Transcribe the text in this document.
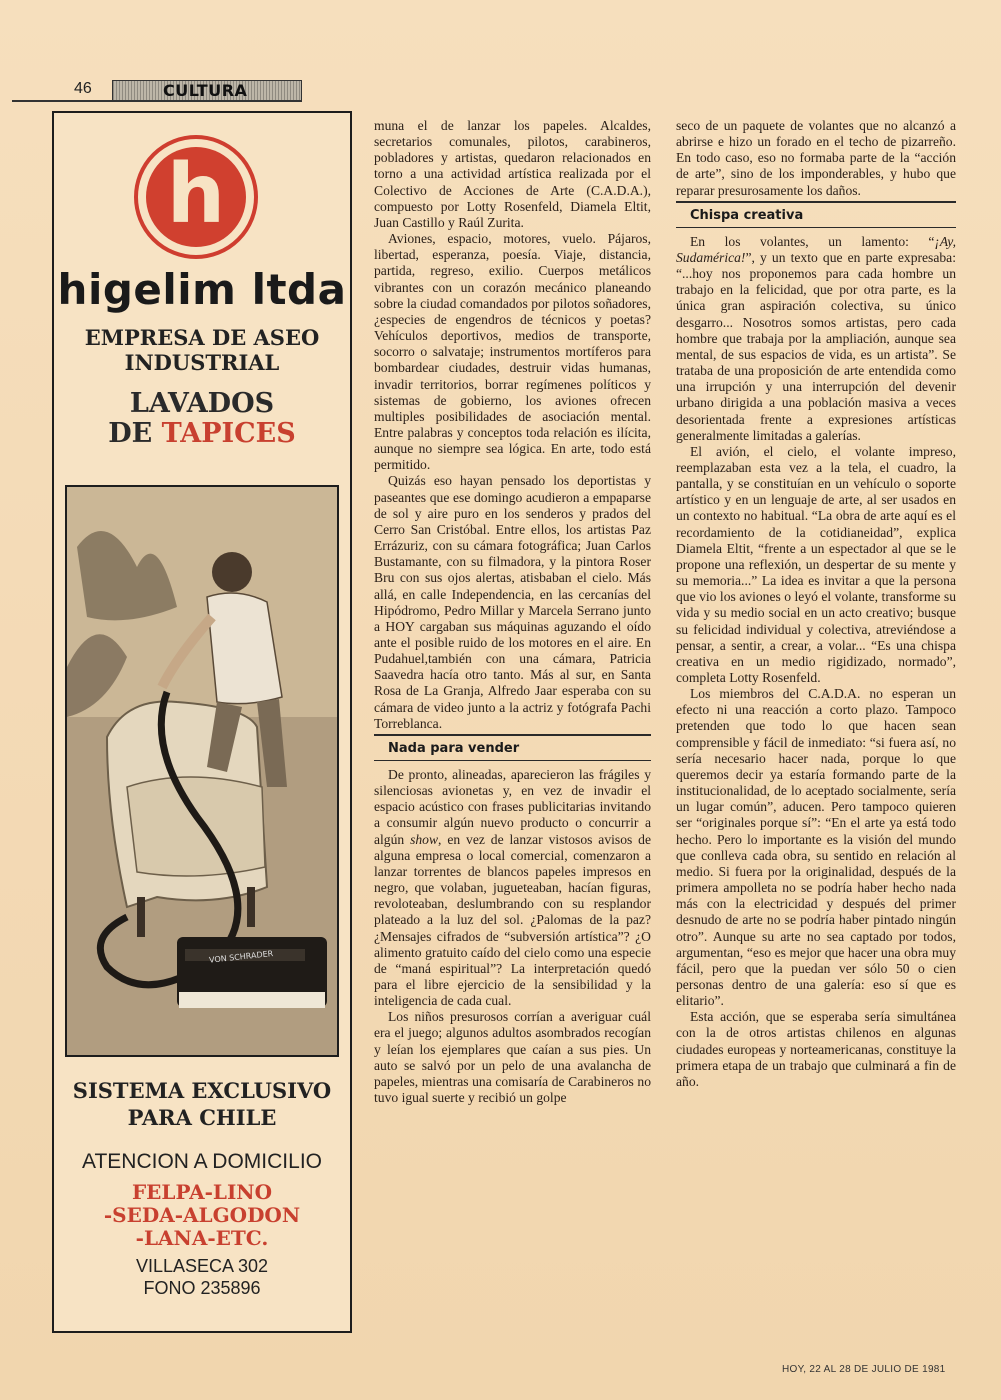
46	CULTURA
h
higelim ltda
EMPRESA DE ASEO INDUSTRIAL
LAVADOS
DE TAPICES
VON SCHRADER
SISTEMA EXCLUSIVO
PARA CHILE
ATENCION A DOMICILIO
FELPA-LINO
-SEDA-ALGODON
-LANA-ETC.
VILLASECA 302
FONO 235896

muna el de lanzar los papeles. Alcaldes, secretarios comunales, pilotos, carabineros, pobladores y artistas, quedaron relacionados en torno a una actividad artística realizada por el Colectivo de Acciones de Arte (C.A.D.A.), compuesto por Lotty Rosenfeld, Diamela Eltit, Juan Castillo y Raúl Zurita.

Aviones, espacio, motores, vuelo. Pájaros, libertad, esperanza, poesía. Viaje, distancia, partida, regreso, exilio. Cuerpos metálicos vibrantes con un corazón mecánico planeando sobre la ciudad comandados por pilotos soñadores, ¿especies de engendros de técnicos y poetas? Vehículos deportivos, medios de transporte, socorro o salvataje; instrumentos mortíferos para bombardear ciudades, destruir vidas humanas, invadir territorios, borrar regímenes políticos y sistemas de gobierno, los aviones ofrecen multiples posibilidades de asociación mental. Entre palabras y conceptos toda relación es ilícita, aunque no siempre sea lógica. En arte, todo está permitido.

Quizás eso hayan pensado los deportistas y paseantes que ese domingo acudieron a empaparse de sol y aire puro en los senderos y prados del Cerro San Cristóbal. Entre ellos, los artistas Paz Errázuriz, con su cámara fotográfica; Juan Carlos Bustamante, con su filmadora, y la pintora Roser Bru con sus ojos alertas, atisbaban el cielo. Más allá, en calle Independencia, en las cercanías del Hipódromo, Pedro Millar y Marcela Serrano junto a HOY cargaban sus máquinas aguzando el oído ante el posible ruido de los motores en el aire. En Pudahuel,también con una cámara, Patricia Saavedra hacía otro tanto. Más al sur, en Santa Rosa de La Granja, Alfredo Jaar esperaba con su cámara de video junto a la actriz y fotógrafa Pachi Torreblanca.

Nada para vender

De pronto, alineadas, aparecieron las frágiles y silenciosas avionetas y, en vez de invadir el espacio acústico con frases publicitarias invitando a consumir algún nuevo producto o concurrir a algún show, en vez de lanzar vistosos avisos de alguna empresa o local comercial, comenzaron a lanzar torrentes de blancos papeles impresos en negro, que volaban, jugueteaban, hacían figuras, revoloteaban, deslumbrando con su resplandor plateado a la luz del sol. ¿Palomas de la paz? ¿Mensajes cifrados de “subversión artística”? ¿O alimento gratuito caído del cielo como una especie de “maná espiritual”? La interpretación quedó para el libre ejercicio de la sensibilidad y la inteligencia de cada cual.

Los niños presurosos corrían a averiguar cuál era el juego; algunos adultos asombrados recogían y leían los ejemplares que caían a sus pies. Un auto se salvó por un pelo de una avalancha de papeles, mientras una comisaría de Carabineros no tuvo igual suerte y recibió un golpe

seco de un paquete de volantes que no alcanzó a abrirse e hizo un forado en el techo de pizarreño. En todo caso, eso no formaba parte de la “acción de arte”, sino de los imponderables, y hubo que reparar presurosamente los daños.

Chispa creativa

En los volantes, un lamento: “¡Ay, Sudamérica!”, y un texto que en parte expresaba: “...hoy nos proponemos para cada hombre un trabajo en la felicidad, que por otra parte, es la única gran aspiración colectiva, su único desgarro... Nosotros somos artistas, pero cada hombre que trabaja por la ampliación, aunque sea mental, de sus espacios de vida, es un artista”. Se trataba de una proposición de arte entendida como una irrupción y una interrupción del devenir urbano dirigida a una población masiva a veces desorientada frente a expresiones artísticas generalmente limitadas a galerías.

El avión, el cielo, el volante impreso, reemplazaban esta vez a la tela, el cuadro, la pantalla, y se constituían en un vehículo o soporte artístico y en un lenguaje de arte, al ser usados en un contexto no habitual. “La obra de arte aquí es el recordamiento de la cotidianeidad”, explica Diamela Eltit, “frente a un espectador al que se le propone una reflexión, un despertar de su mente y su memoria...” La idea es invitar a que la persona que vio los aviones o leyó el volante, transforme su vida y su medio social en un acto creativo; busque su felicidad individual y colectiva, atreviéndose a pensar, a sentir, a crear, a volar... “Es una chispa creativa en un medio rigidizado, normado”, completa Lotty Rosenfeld.

Los miembros del C.A.D.A. no esperan un efecto ni una reacción a corto plazo. Tampoco pretenden que todo lo que hacen sean comprensible y fácil de inmediato: “si fuera así, no sería necesario hacer nada, porque lo que queremos decir ya estaría formando parte de la institucionalidad, de lo aceptado socialmente, sería un lugar común”, aducen. Pero tampoco quieren ser “originales porque sí”: “En el arte ya está todo hecho. Pero lo importante es la visión del mundo que conlleva cada obra, su sentido en relación al medio. Si fuera por la originalidad, después de la primera ampolleta no se podría haber hecho nada más con la electricidad y después del primer desnudo de arte no se podría haber pintado ningún otro”. Aunque su arte no sea captado por todos, argumentan, “eso es mejor que hacer una obra muy fácil, pero que la puedan ver sólo 50 o cien personas dentro de una galería: eso sí que es elitario”.

Esta acción, que se esperaba sería simultánea con la de otros artistas chilenos en algunas ciudades europeas y norteamericanas, constituye la primera etapa de un trabajo que culminará a fin de año.

HOY, 22 AL 28 DE JULIO DE 1981
